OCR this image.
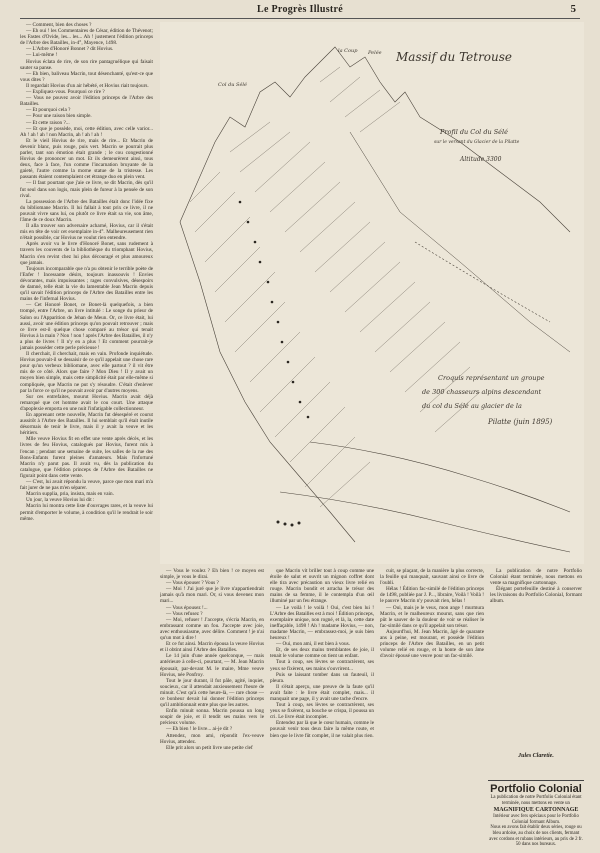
Le Progrès Illustré	5

— Comment, bien des choses ?

— Eh oui ! les Commentaires de César, édition de Thévenot; les Fastes d'Ovide, les... les... Ah ! justement l'édition princeps de l'Arbre des Batailles, in-4°, Mayence, 1498.

— L'Arbre d'Honoré Bonnet ? dit Hovius.

— Lui-même !

Hovius éclata de rire, de son rire pantagruélique qui faisait sauter sa panse.

— Eh bien, baliveau Macrin, tout désenchanté, qu'est-ce que vous dites ?

Il regardait Hovius d'un air hébété, et Hovius riait toujours.

— Expliquez-vous. Pourquoi ce rire ?

— Vous ne pouvez avoir l'édition princeps de l'Arbre des Batailles.

— Et pourquoi cela ?

— Pour une raison bien simple.

— Et cette raison ?...

— Et que je possède, moi, cette édition, avec celle varior... Ah ! ah ! ah ! non Macrin, ah ! ah ! ah !

Et le vieil Hovius de rire, mais de rire... Et Macrin de devenir blanc, puis rouge, puis vert. Macrin se pourrait plus parler, tant son émotion était grande ; le cou congestionné Hovius de prononcer un mot. Et ils demeurèrent ainsi, tous deux, face à face, l'un comme l'incarnation bruyante de la gaieté, l'autre comme la morne statue de la tristesse. Les passants étaient contemplaient cet étrange duo en plein vent.

— Il faut pourtant que j'aie ce livre, se dit Macrin, dès qu'il fut seul dans son logis, mais plein de fureur à la pensée de son rival.

La possession de l'Arbre des Batailles était donc l'idée fixe du bibliomane Macrin. Il lui fallait à tout prix ce livre, il ne pouvait vivre sans lui, ou plutôt ce livre était sa vie, son âme, l'âme de ce doux Macrin.

Il alla trouver son adversaire acharné, Hovius, car il s'était mis en tête de voir cet exemplaire in-4°. Malheureusement rien n'était possible, car Hovius ne voulut rien entendre.

Après avoir vu le livre d'Honoré Bonet, sans rudement à travers les couvents de la bibliothèque du triomphant Hovius, Macrin s'en revint chez lui plus découragé et plus amoureux que jamais.

Toujours incomparable que n'a pu obtenir le terrible poète de l'Enfer ! Incessante désirs, toujours inassouvis ! Envies dévorantes, mais impuissantes ; rages convulsives, désespoirs de damné, telle était la vie du lamentable Jean Macrin depuis qu'il savait l'édition princeps de l'Arbre des Batailles entre les mains de l'infernal Hovius.

— Cet Honoré Bonet, ce Bonet-là quelquefois, a bien trompé, entre l'Arbre, un livre intitulé : Le songe du prieur de Salon ou l'Apparition de Jehan de Meun. Or, ce livre était, lui aussi, avoir une édition princeps qu'on pouvait retrouver ; mais ce livre est-il quelque chose comparé au trésor qui tenait Hovius à la main ? Non ! non ! après l'Arbre des Batailles, il n'y a plus de livres ! Il n'y en a plus ! Et comment pourrait-je jamais posséder cette perle précieuse !

Il cherchait, il cherchait, mais en vain. Profonde inquiétude. Hovius pouvait-il se dessaisir de ce qu'il appelait une chose rare pour qu'un verbeux bibliomane, avec elle partout ? il vit être mis de ce côté. Alors que faire ? Mon Dieu ! Il y avait un moyen bien simple, mais cette simplicité était par elle-même si compliquée, que Macrin ne put s'y résoudre. C'était d'enlever par la force ce qu'il ne pouvait avoir par d'autres moyens.

Sur ces entrefaites, mourut Hovius. Macrin avait déjà remarqué que cet homme avait le cou court. Une attaque d'apoplexie emporta en une nuit l'infatigable collectionneur.

En apprenant cette nouvelle, Macrin fut désespéré et courut aussitôt à l'Arbre des Batailles. Il lui semblait qu'il était inutile désormais de tenir le livre, mais il y avait la veuve et les héritiers.

Mlle veuve Hovius fit en effet une vente après décès, et les livres de feu Hovius, catalogués par Hovius, furent mis à l'encan ; pendant une semaine de suite, les salles de la rue des Bons-Enfants furent pleines d'amateurs. Mais l'infortuné Macrin n'y parut pas. Il avait vu, dès la publication du catalogue, que l'édition princeps de l'Arbre des Batailles ne figurait point dans cette vente.

— C'est, lui avait répondu la veuve, parce que mon mari m'a fait jurer de ne pas m'en séparer.

Macrin supplia, pria, insista, mais en vain.

Un jour, la veuve Hovius lui dit :

Macrin lui montra cette liste d'ouvrages rares, et la veuve lui permit d'emporter le volume, à condition qu'il le rendrait le soir même.

Massif du Tetrouse
Profil du Col du Sélé
sur le versant du Glacier de la Pilatte
Altitude 3300
la Coup Pelée
Col du Sélé
Croquis représentant un groupe
de 300 chasseurs alpins descendant
du col du Sélé au glacier de la
Pilatte (juin 1895)

— Vous le voulez ? Eh bien ! ce moyen est simple, je vous le dirai.

— Vous épouser ? Vous ?

— Moi ! J'ai juré que je livre n'appartiendrait jamais qu'à mon mari. Or, si vous devenez mon mari...

— Vous épousez !...

— Vous refusez ?

— Moi, refuser ! J'accepte, s'écria Macrin, en embrassant comme un fou. J'accepte avec joie, avec enthousiasme, avec délire. Comment ! je n'ai qu'un mot à dire !

Et ce fut ainsi. Macrin épousa la veuve Hovius et il obtint ainsi l'Arbre des Batailles.

Le 14 juin d'une année quelconque, — mais antérieure à celle-ci, pourtant, — M. Jean Macrin épousait, par-devant M. le maire, Mme veuve Hovius, née Ponfroy.

Tout le jour durant, il fut pâle, agité, inquiet, soucieux, car il attendait anxieusement l'heure de minuit. C'est qu'à cette heure-là, — rare chose — ce bonheur devait lui donner l'édition princeps qu'il ambitionnait entre plus que les autres.

Enfin minuit sonna. Macrin poussa un long soupir de joie, et il tendit ses mains vers le précieux volume.

— Eh bien ! le livre... ai-je dit ?

Attendez, mon ami, répondit l'ex-veuve Hovius, attendez.

Elle prit alors un petit livre une petite clef

que Macrin vit briller tout à coup comme une étoile de salut et ouvrit un mignon coffret dont elle tira avec précaution un vieux livre relié en rouge. Macrin bondit et arracha le trésor des mains de sa femme, il le contempla d'un œil illuminé par un feu étrange.

— Le voilà ! le voilà ! Oui, c'est bien lui ! L'Arbre des Batailles est à moi ! Édition princeps, exemplaire unique, non rogné, et là, la, cette date ineffaçable, 1498 ! Ah ! madame Hovius, — non, madame Macrin, — embrassez-moi, je suis bien heureux !

— Oui, mon ami, il est bien à vous.

Et, de ses deux mains tremblantes de joie, il tenait le volume comme on tient un enfant.

Tout à coup, ses lèvres se contractèrent, ses yeux se fixèrent, ses mains s'ouvrirent...

Puis se laissant tomber dans un fauteuil, il pleura.

Il s'était aperçu, une preuve de la faute qu'il avait faite : le livre était complet, mais... il manquait une page, il y avait une tache d'encre.

Tout à coup, ses lèvres se contractèrent, ses yeux se fixèrent, sa bouche se crispa, il poussa un cri. Le livre était incomplet.

Entendez par là que le cœur humain, comme le pouvait venir tous deux faire la même route, et bien que le livre fût complet, il ne valait plus rien.

cuit, se plaçant, de la manière la plus correcte, la feuille qui manquait, sauvant ainsi ce livre de l'oubli.

Hélas ! Édition fac-similé de l'édition princeps de 1498, publiée par J. P..., libraire, Voilà ! Voilà ! le pauvre Macrin n'y pouvait rien, hélas !

— Oui, mais je le veux, mon ange ! murmura Macrin, et le malheureux mourut, sans que rien pût le sauver de la douleur de voir se réaliser le fac-similé dans ce qu'il appelait son trésor.

Aujourd'hui, M. Jean Macrin, âgé de quarante ans à peine, est mourant, et possède l'édition princeps de l'Arbre des Batailles, en un petit volume relié en rouge, et la honte de son âme d'avoir épousé une veuve pour un fac-similé.

La publication de notre Portfolio Colonial étant terminée, nous mettons en vente sa magnifique cartonnage.

Élégant portefeuille destiné à conserver les livraisons du Portfolio Colonial, formant album.

Jules Claretie.
Portfolio Colonial
La publication de notre Portfolio Colonial étant terminée, nous mettons en vente un
MAGNIFIQUE CARTONNAGE
Intérieur avec fers spéciaux pour le Portfolio Colonial formant Album.
Nous en avons fait établir deux séries, rouge ou bleu ardoise, au choix de nos clients, fermant avec cordons et rubans intérieurs, au prix de 2 fr. 50 dans nos bureaux.
